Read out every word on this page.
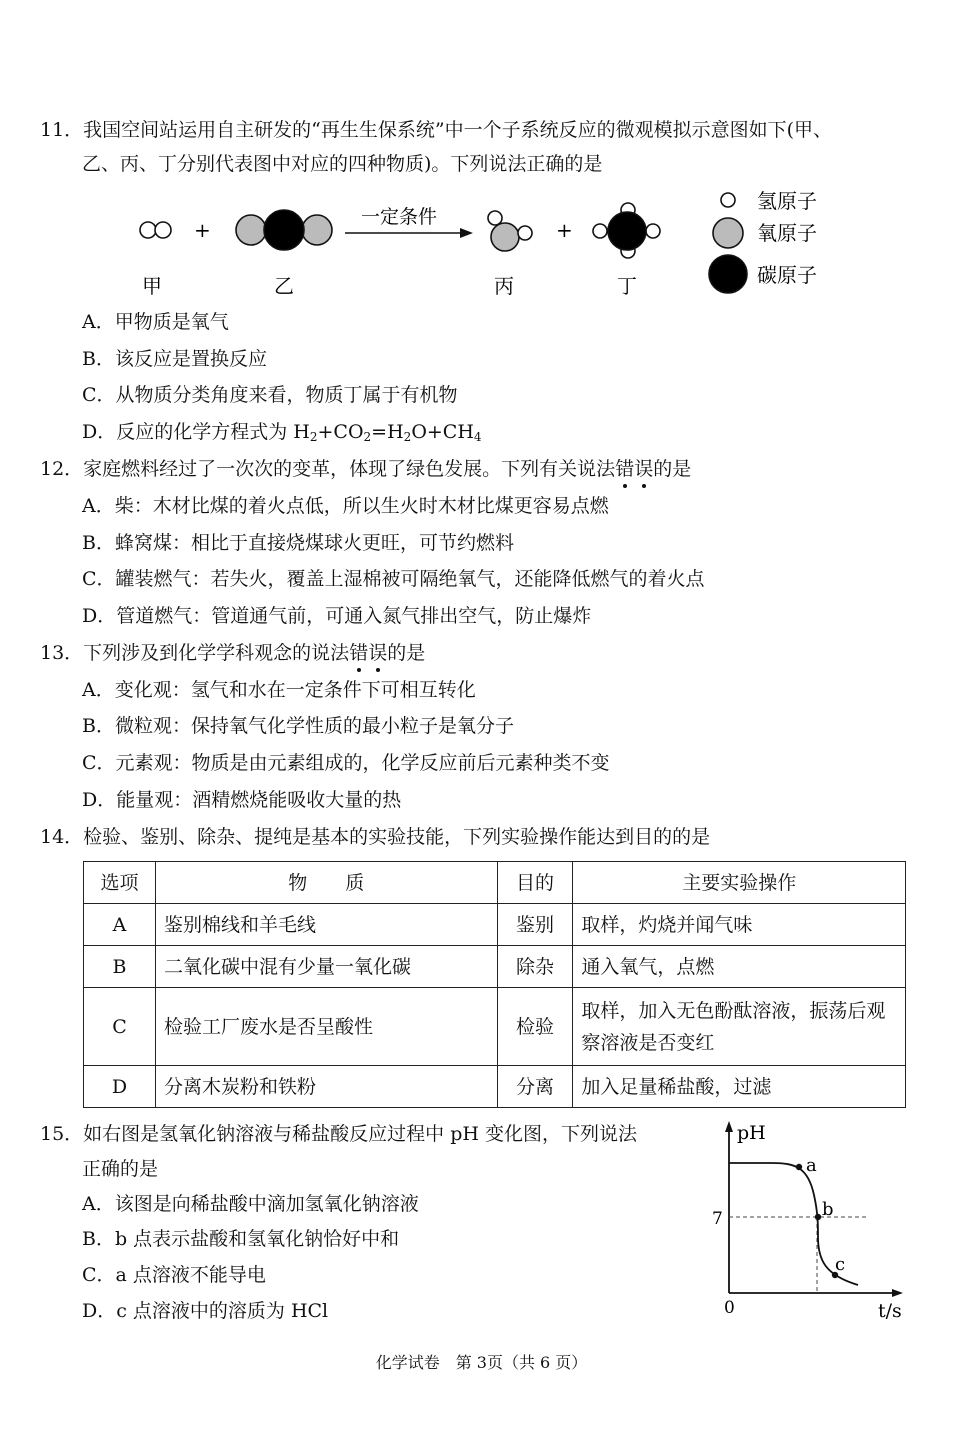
11．我国空间站运用自主研发的“再生生保系统”中一个子系统反应的微观模拟示意图如下(甲、
乙、丙、丁分别代表图中对应的四种物质)。下列说法正确的是
+
一定条件
+
甲	乙	丙	丁
氢原子
氧原子
碳原子
A．甲物质是氧气
B．该反应是置换反应
C．从物质分类角度来看，物质丁属于有机物
D．反应的化学方程式为 $H_2+CO_2=H_2O+CH_4$
12．家庭燃料经过了一次次的变革，体现了绿色发展。下列有关说法错误的是
A．柴：木材比煤的着火点低，所以生火时木材比煤更容易点燃
B．蜂窝煤：相比于直接烧煤球火更旺，可节约燃料
C．罐装燃气：若失火，覆盖上湿棉被可隔绝氧气，还能降低燃气的着火点
D．管道燃气：管道通气前，可通入氮气排出空气，防止爆炸
13．下列涉及到化学学科观念的说法错误的是
A．变化观：氢气和水在一定条件下可相互转化
B．微粒观：保持氧气化学性质的最小粒子是氧分子
C．元素观：物质是由元素组成的，化学反应前后元素种类不变
D．能量观：酒精燃烧能吸收大量的热
14．检验、鉴别、除杂、提纯是基本的实验技能，下列实验操作能达到目的的是
选项	物　　质	目的	主要实验操作
A	鉴别棉线和羊毛线	鉴别	取样，灼烧并闻气味
B	二氧化碳中混有少量一氧化碳	除杂	通入氧气，点燃
C	检验工厂废水是否呈酸性	检验	取样，加入无色酚酞溶液，振荡后观察溶液是否变红
D	分离木炭粉和铁粉	分离	加入足量稀盐酸，过滤
15．如右图是氢氧化钠溶液与稀盐酸反应过程中 pH 变化图，下列说法
正确的是
A．该图是向稀盐酸中滴加氢氧化钠溶液
B．b 点表示盐酸和氢氧化钠恰好中和
C．a 点溶液不能导电
D．c 点溶液中的溶质为 HCl
pH
t/s
0
7
a
b
c
化学试卷　第 3页（共 6 页）
